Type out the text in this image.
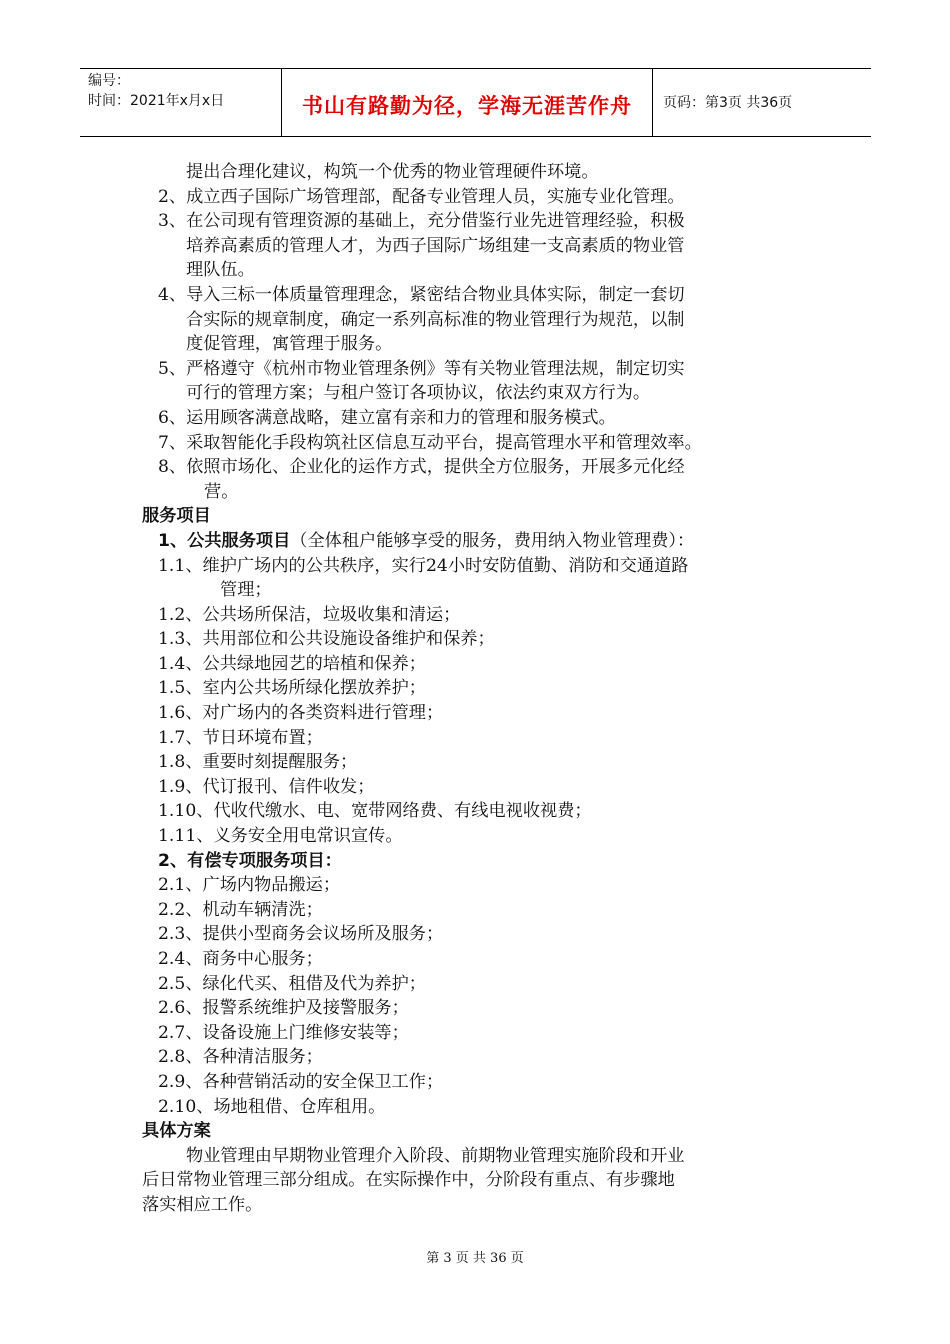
编号：
时间：2021年x月x日	书山有路勤为径，学海无涯苦作舟	页码：第3页 共36页
提出合理化建议，构筑一个优秀的物业管理硬件环境。
2、成立西子国际广场管理部，配备专业管理人员，实施专业化管理。
3、在公司现有管理资源的基础上，充分借鉴行业先进管理经验，积极
培养高素质的管理人才，为西子国际广场组建一支高素质的物业管
理队伍。
4、导入三标一体质量管理理念，紧密结合物业具体实际，制定一套切
合实际的规章制度，确定一系列高标准的物业管理行为规范，以制
度促管理，寓管理于服务。
5、严格遵守《杭州市物业管理条例》等有关物业管理法规，制定切实
可行的管理方案；与租户签订各项协议，依法约束双方行为。
6、运用顾客满意战略，建立富有亲和力的管理和服务模式。
7、采取智能化手段构筑社区信息互动平台，提高管理水平和管理效率。
8、依照市场化、企业化的运作方式，提供全方位服务，开展多元化经
营。
服务项目
1、公共服务项目（全体租户能够享受的服务，费用纳入物业管理费）：
1.1、维护广场内的公共秩序，实行24小时安防值勤、消防和交通道路
管理；
1.2、公共场所保洁，垃圾收集和清运；
1.3、共用部位和公共设施设备维护和保养；
1.4、公共绿地园艺的培植和保养；
1.5、室内公共场所绿化摆放养护；
1.6、对广场内的各类资料进行管理；
1.7、节日环境布置；
1.8、重要时刻提醒服务；
1.9、代订报刊、信件收发；
1.10、代收代缴水、电、宽带网络费、有线电视收视费；
1.11、义务安全用电常识宣传。
2、有偿专项服务项目：
2.1、广场内物品搬运；
2.2、机动车辆清洗；
2.3、提供小型商务会议场所及服务；
2.4、商务中心服务；
2.5、绿化代买、租借及代为养护；
2.6、报警系统维护及接警服务；
2.7、设备设施上门维修安装等；
2.8、各种清洁服务；
2.9、各种营销活动的安全保卫工作；
2.10、场地租借、仓库租用。
具体方案
物业管理由早期物业管理介入阶段、前期物业管理实施阶段和开业
后日常物业管理三部分组成。在实际操作中，分阶段有重点、有步骤地
落实相应工作。
第 3 页 共 36 页
